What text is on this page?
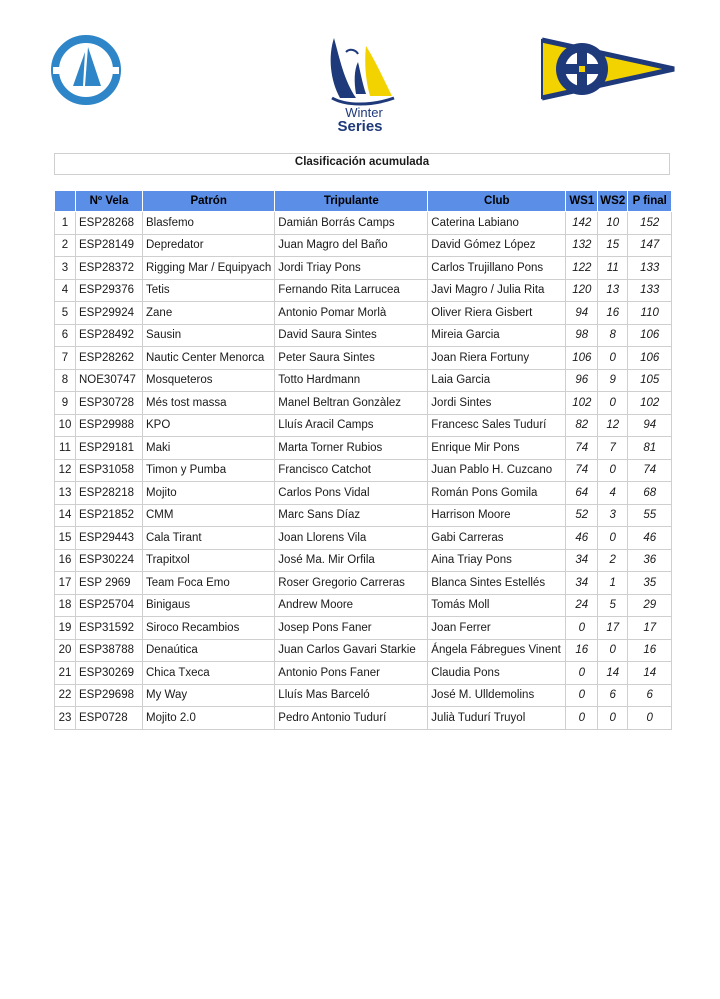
Winter
Series
Clasificación acumulada
	Nº Vela	Patrón	Tripulante	Club	WS1	WS2	P final
1	ESP28268	Blasfemo	Damián Borrás Camps	Caterina Labiano	142	10	152
2	ESP28149	Depredator	Juan Magro del Baño	David Gómez López	132	15	147
3	ESP28372	Rigging Mar / Equipyach	Jordi Triay Pons	Carlos Trujillano Pons	122	11	133
4	ESP29376	Tetis	Fernando Rita Larrucea	Javi Magro / Julia Rita	120	13	133
5	ESP29924	Zane	Antonio Pomar Morlà	Oliver Riera Gisbert	94	16	110
6	ESP28492	Sausin	David Saura Sintes	Mireia Garcia	98	8	106
7	ESP28262	Nautic Center Menorca	Peter Saura Sintes	Joan Riera Fortuny	106	0	106
8	NOE30747	Mosqueteros	Totto Hardmann	Laia Garcia	96	9	105
9	ESP30728	Més tost massa	Manel Beltran Gonzàlez	Jordi Sintes	102	0	102
10	ESP29988	KPO	Lluís Aracil Camps	Francesc Sales Tudurí	82	12	94
11	ESP29181	Maki	Marta Torner Rubios	Enrique Mir Pons	74	7	81
12	ESP31058	Timon y Pumba	Francisco Catchot	Juan Pablo H. Cuzcano	74	0	74
13	ESP28218	Mojito	Carlos Pons Vidal	Román Pons Gomila	64	4	68
14	ESP21852	CMM	Marc Sans Díaz	Harrison Moore	52	3	55
15	ESP29443	Cala Tirant	Joan Llorens Vila	Gabi Carreras	46	0	46
16	ESP30224	Trapitxol	José Ma. Mir Orfila	Aina Triay Pons	34	2	36
17	ESP 2969	Team Foca Emo	Roser Gregorio Carreras	Blanca Sintes Estellés	34	1	35
18	ESP25704	Binigaus	Andrew Moore	Tomás Moll	24	5	29
19	ESP31592	Siroco Recambios	Josep Pons Faner	Joan Ferrer	0	17	17
20	ESP38788	Denaútica	Juan Carlos Gavari Starkie	Ángela Fábregues Vinent	16	0	16
21	ESP30269	Chica Txeca	Antonio Pons Faner	Claudia Pons	0	14	14
22	ESP29698	My Way	Lluís Mas Barceló	José M. Ulldemolins	0	6	6
23	ESP0728	Mojito 2.0	Pedro Antonio Tudurí	Julià Tudurí Truyol	0	0	0
